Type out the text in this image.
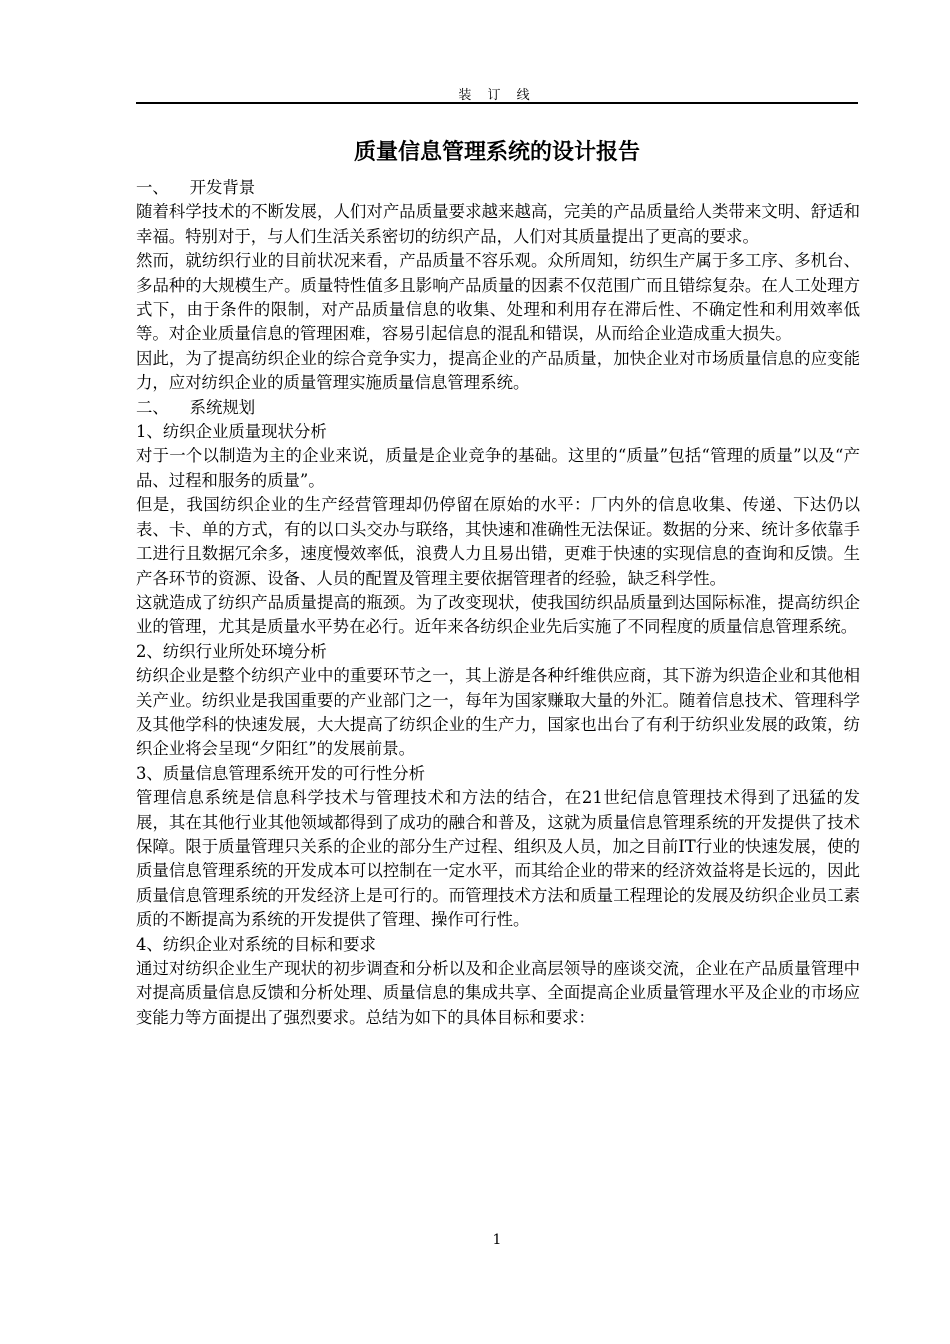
装 订 线
质量信息管理系统的设计报告

一、    开发背景

随着科学技术的不断发展，人们对产品质量要求越来越高，完美的产品质量给人类带来文明、舒适和幸福。特别对于，与人们生活关系密切的纺织产品，人们对其质量提出了更高的要求。

然而，就纺织行业的目前状况来看，产品质量不容乐观。众所周知，纺织生产属于多工序、多机台、多品种的大规模生产。质量特性值多且影响产品质量的因素不仅范围广而且错综复杂。在人工处理方式下，由于条件的限制，对产品质量信息的收集、处理和利用存在滞后性、不确定性和利用效率低等。对企业质量信息的管理困难，容易引起信息的混乱和错误，从而给企业造成重大损失。

因此，为了提高纺织企业的综合竞争实力，提高企业的产品质量，加快企业对市场质量信息的应变能力，应对纺织企业的质量管理实施质量信息管理系统。

二、    系统规划

1、纺织企业质量现状分析

对于一个以制造为主的企业来说，质量是企业竞争的基础。这里的“质量”包括“管理的质量”以及“产品、过程和服务的质量”。

但是，我国纺织企业的生产经营管理却仍停留在原始的水平：厂内外的信息收集、传递、下达仍以表、卡、单的方式，有的以口头交办与联络，其快速和准确性无法保证。数据的分来、统计多依靠手工进行且数据冗余多，速度慢效率低，浪费人力且易出错，更难于快速的实现信息的查询和反馈。生产各环节的资源、设备、人员的配置及管理主要依据管理者的经验，缺乏科学性。

这就造成了纺织产品质量提高的瓶颈。为了改变现状，使我国纺织品质量到达国际标准，提高纺织企业的管理，尤其是质量水平势在必行。近年来各纺织企业先后实施了不同程度的质量信息管理系统。

2、纺织行业所处环境分析

纺织企业是整个纺织产业中的重要环节之一，其上游是各种纤维供应商，其下游为织造企业和其他相关产业。纺织业是我国重要的产业部门之一，每年为国家赚取大量的外汇。随着信息技术、管理科学及其他学科的快速发展，大大提高了纺织企业的生产力，国家也出台了有利于纺织业发展的政策，纺织企业将会呈现“夕阳红”的发展前景。

3、质量信息管理系统开发的可行性分析

管理信息系统是信息科学技术与管理技术和方法的结合，在21世纪信息管理技术得到了迅猛的发展，其在其他行业其他领域都得到了成功的融合和普及，这就为质量信息管理系统的开发提供了技术保障。限于质量管理只关系的企业的部分生产过程、组织及人员，加之目前IT行业的快速发展，使的质量信息管理系统的开发成本可以控制在一定水平，而其给企业的带来的经济效益将是长远的，因此质量信息管理系统的开发经济上是可行的。而管理技术方法和质量工程理论的发展及纺织企业员工素质的不断提高为系统的开发提供了管理、操作可行性。

4、纺织企业对系统的目标和要求

通过对纺织企业生产现状的初步调查和分析以及和企业高层领导的座谈交流，企业在产品质量管理中对提高质量信息反馈和分析处理、质量信息的集成共享、全面提高企业质量管理水平及企业的市场应变能力等方面提出了强烈要求。总结为如下的具体目标和要求：

1
